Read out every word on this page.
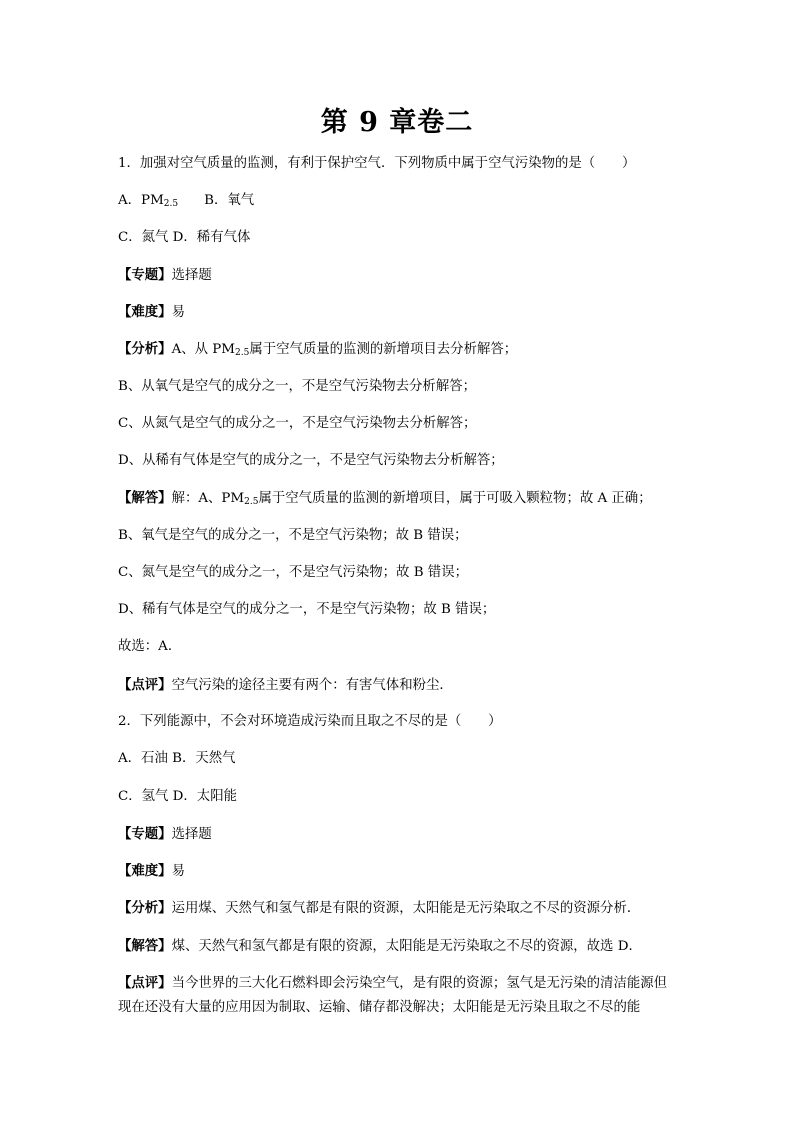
第 9 章卷二
1．加强对空气质量的监测，有利于保护空气．下列物质中属于空气污染物的是（　　）
A．$PM_{2.5}$ B．氧气
C．氮气 D．稀有气体
【专题】选择题
【难度】易
【分析】A、从 $PM_{2.5}$属于空气质量的监测的新增项目去分析解答；
B、从氧气是空气的成分之一，不是空气污染物去分析解答；
C、从氮气是空气的成分之一，不是空气污染物去分析解答；
D、从稀有气体是空气的成分之一，不是空气污染物去分析解答；
【解答】解：A、$PM_{2.5}$属于空气质量的监测的新增项目，属于可吸入颗粒物；故 A 正确；
B、氧气是空气的成分之一，不是空气污染物；故 B 错误；
C、氮气是空气的成分之一，不是空气污染物；故 B 错误；
D、稀有气体是空气的成分之一，不是空气污染物；故 B 错误；
故选：A．
【点评】空气污染的途径主要有两个：有害气体和粉尘．
2．下列能源中，不会对环境造成污染而且取之不尽的是（　　）
A．石油 B．天然气
C．氢气 D．太阳能
【专题】选择题
【难度】易
【分析】运用煤、天然气和氢气都是有限的资源，太阳能是无污染取之不尽的资源分析．
【解答】煤、天然气和氢气都是有限的资源，太阳能是无污染取之不尽的资源，故选 D．
【点评】当今世界的三大化石燃料即会污染空气，是有限的资源；氢气是无污染的清洁能源但现在还没有大量的应用因为制取、运输、储存都没解决；太阳能是无污染且取之不尽的能
